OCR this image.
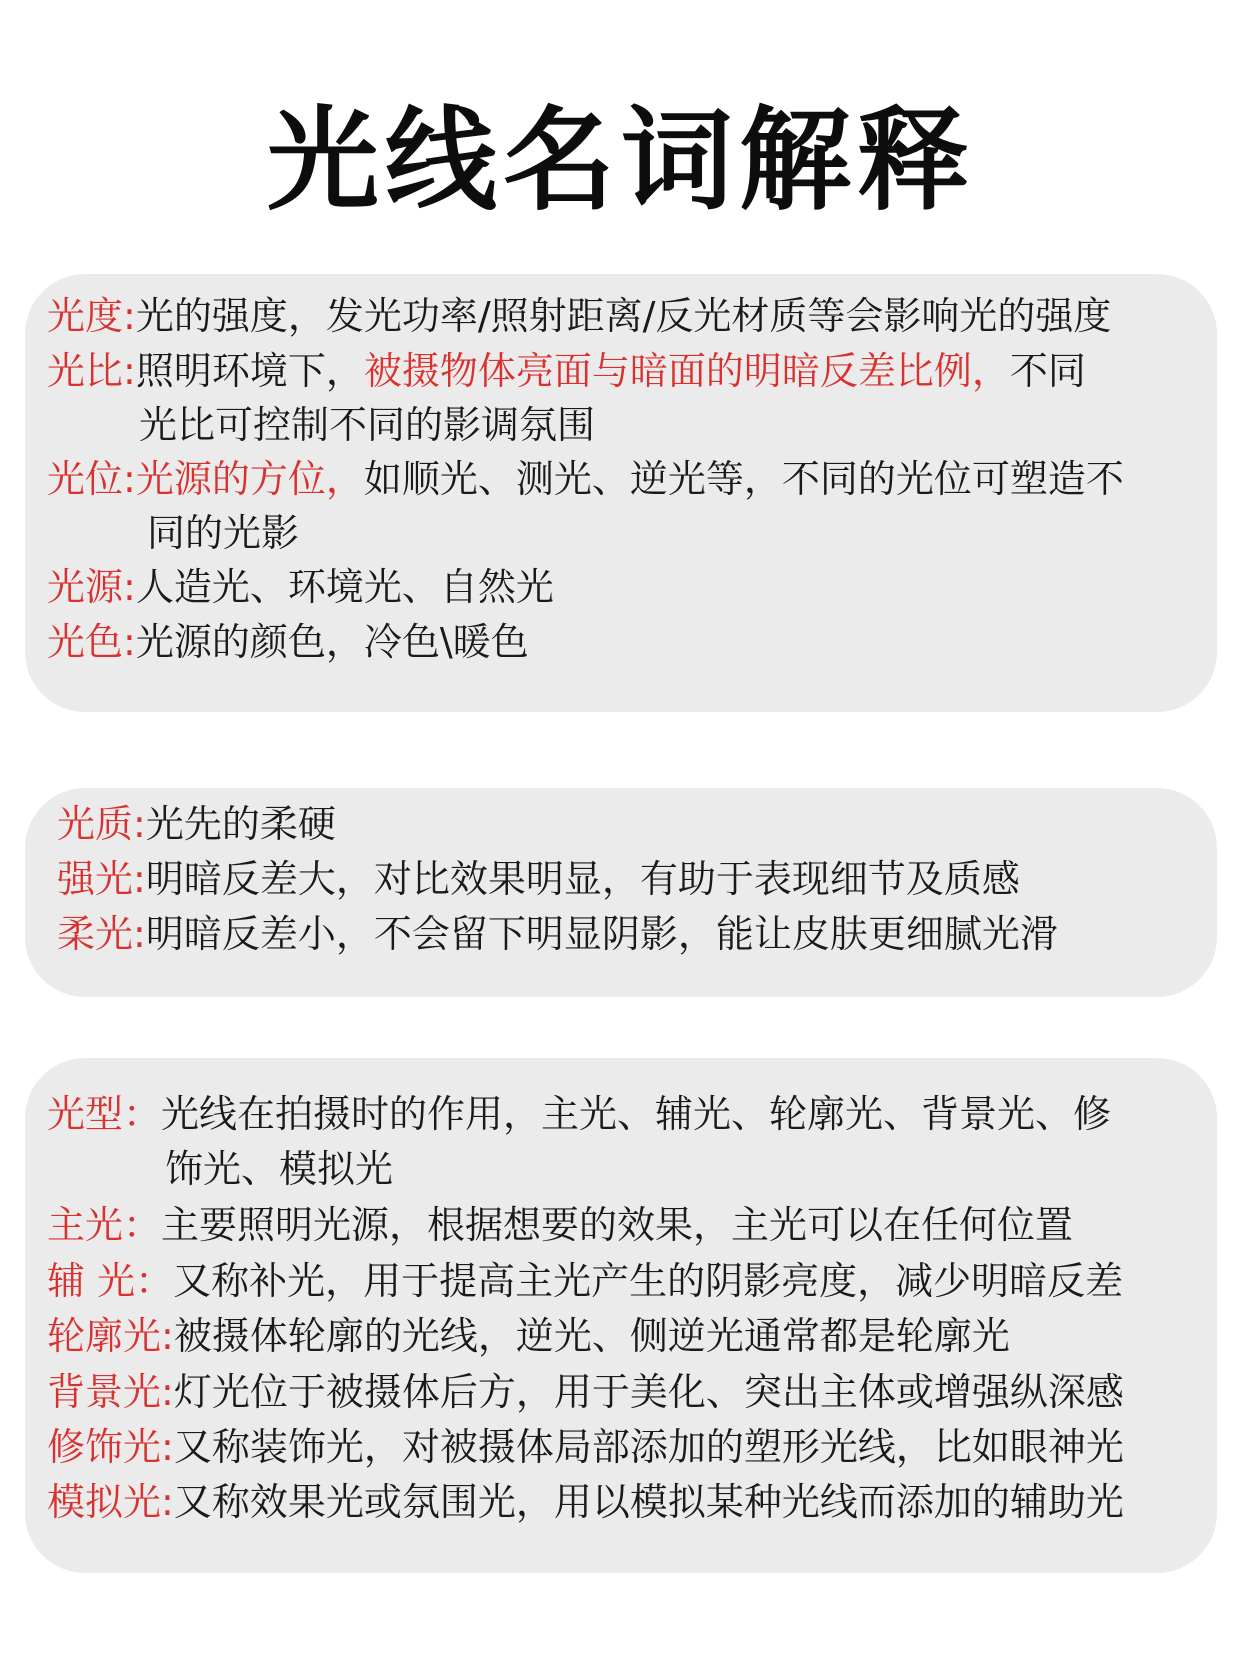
光线名词解释
光度:光的强度，发光功率/照射距离/反光材质等会影响光的强度
光比:照明环境下，被摄物体亮面与暗面的明暗反差比例，不同
光比可控制不同的影调氛围
光位:光源的方位，如顺光、测光、逆光等，不同的光位可塑造不
同的光影
光源:人造光、环境光、自然光
光色:光源的颜色，冷色\暖色
光质:光先的柔硬
强光:明暗反差大，对比效果明显，有助于表现细节及质感
柔光:明暗反差小，不会留下明显阴影，能让皮肤更细腻光滑
光型：光线在拍摄时的作用，主光、辅光、轮廓光、背景光、修
饰光、模拟光
主光：主要照明光源，根据想要的效果，主光可以在任何位置
辅 光：又称补光，用于提高主光产生的阴影亮度，减少明暗反差
轮廓光:被摄体轮廓的光线，逆光、侧逆光通常都是轮廓光
背景光:灯光位于被摄体后方，用于美化、突出主体或增强纵深感
修饰光:又称装饰光，对被摄体局部添加的塑形光线，比如眼神光
模拟光:又称效果光或氛围光，用以模拟某种光线而添加的辅助光
